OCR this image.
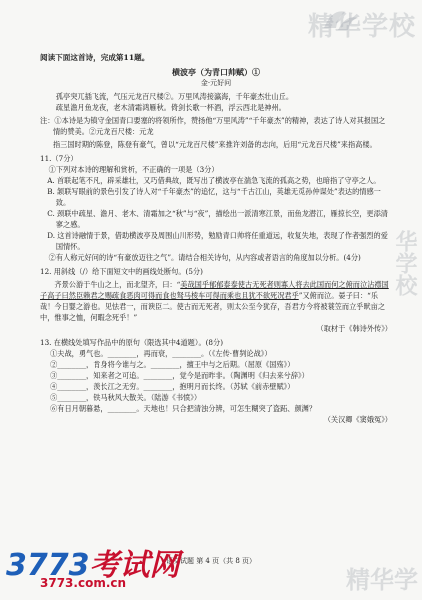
精华学校
华学校
精华学
阅读下面这首诗，完成第11题。
横波亭（为青口帅赋）①
金·元好问
孤亭突兀插飞流，气压元龙百尺楼②。万里风涛接瀛海，千年豪杰壮山丘。
疏星澹月鱼龙夜，老木清霜鸿雁秋。倚剑长歌一杯酒，浮云西北是神州。
注：①本诗是为镇守金国青口要塞的将领所作，赞扬他“万里风涛”“千年豪杰”的精神，表达了诗人对其报国之情的赞美。②元龙百尺楼：元龙
指三国时期的陈登，陈登有豪气，曾以“元龙百尺楼”来推许刘备的志向，后用“元龙百尺楼”来指高楼。
11.（7分）
①下列对本诗的理解和赏析，不正确的一项是（3分）
A. 首联起笔不凡，辟采雄壮，又巧借典故，既写出了横波亭在湍急飞流的孤高之势，也暗指了守亭之人。
B. 颔联写眼前的景色引发了诗人对“千年豪杰”的追忆，这与“千古江山，英雄无觅孙仲谋处”表达的情感一致。
C. 颈联中疏星、澹月、老木、清霜加之“秋”与“夜”，描绘出一派清寒江景，而鱼龙潜江，雁掠长空，更添清寥之感。
D. 这首诗融情于景，借助横波亭及周围山川形势，勉励青口帅将任重道远，收复失地，表现了作者强烈的爱国情怀。
②有人称元好问的诗“有豪放迈往之气”。请结合相关诗句，从内容或者语言的角度加以分析。(4分)
12. 用斜线（/）给下面短文中的画线处断句。(5分)
齐景公游于牛山之上，而北望齐，曰：“美哉国乎郁郁泰泰使古无死者则寡人将去此国而何之俯而泣沾襟国子高子曰然臣赖君之赐疏食恶肉可得而食也驽马棱车可得而乘也且犹不欲死况君乎”又俯而泣。晏子曰：“乐哉！今日婴之游也。见怯君一，而谀臣二。使古而无死者，则太公至今犹存，吾君方今将被蓑笠而立乎畎亩之中，惟事之恤，何暇念死乎！”
（取材于《韩诗外传》）
13. 在横线处填写作品中的原句（限选其中4道题）。(8分)
①夫战，勇气也。________，再而衰，________。（《左传·曹刿论战》）
②________，肯身将今谁与之。________，擅王中与之后期。（屈原《国殇》）
③________，知来者之可追。________，觉今是而昨非。（陶渊明《归去来兮辞》）
④________，羡长江之无穷。________，抱明月而长终。（苏轼《前赤壁赋》）
⑤________，铁马秋风大散关。（陆游《书愤》）
⑥有日月朝暮悬，________。天地也！只合把清浊分辨，可怎生糊突了盗跖、颜渊？
（关汉卿《窦娥冤》）
语文试题 第 4 页（共 8 页）
3773考试网
3773.com.cn
